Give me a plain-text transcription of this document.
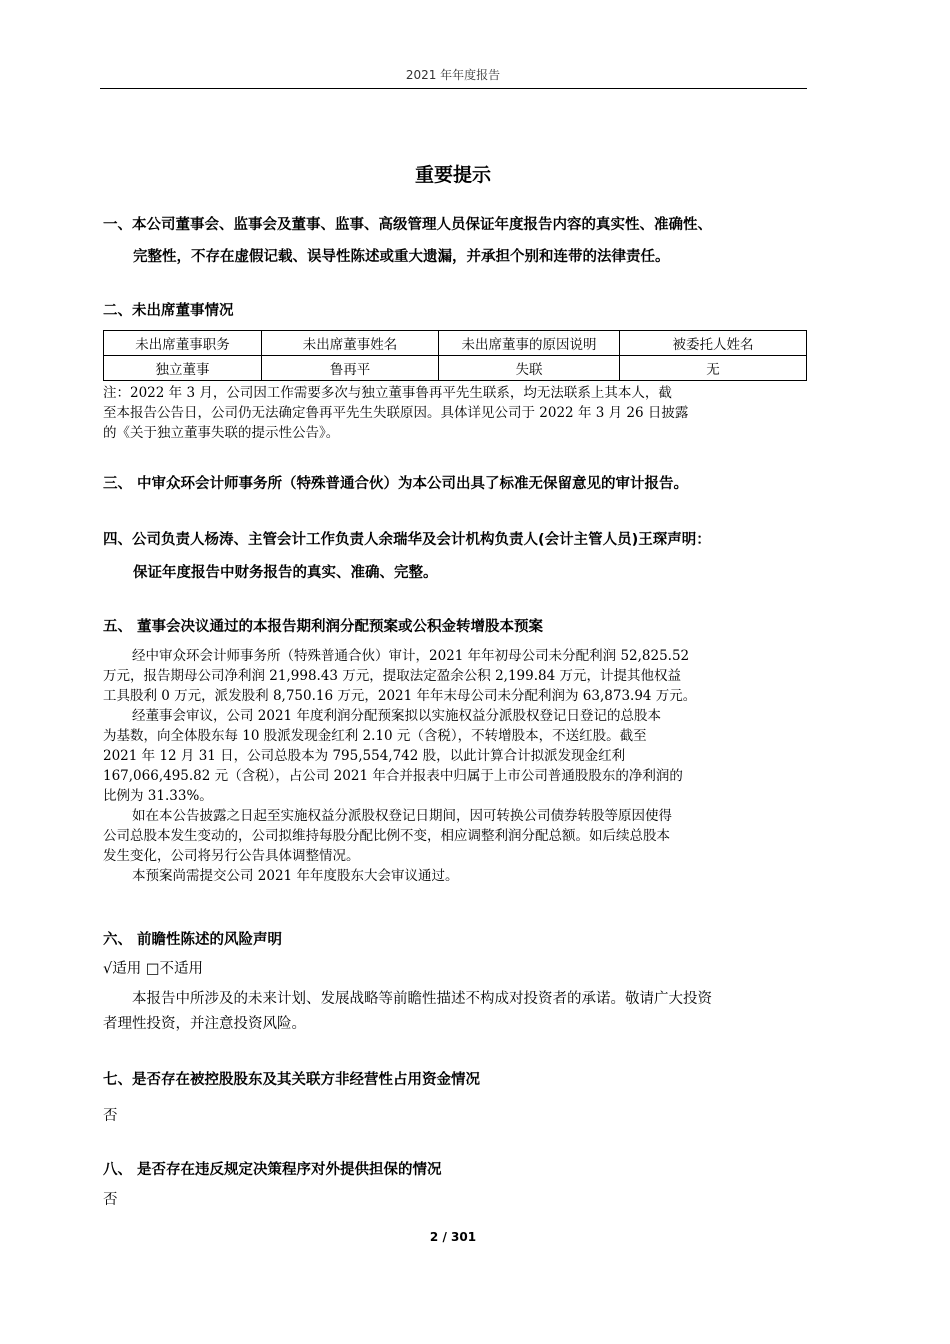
2021 年年度报告
重要提示
一、本公司董事会、监事会及董事、监事、高级管理人员保证年度报告内容的真实性、准确性、
完整性，不存在虚假记载、误导性陈述或重大遗漏，并承担个别和连带的法律责任。
二、未出席董事情况
未出席董事职务	未出席董事姓名	未出席董事的原因说明	被委托人姓名
独立董事	鲁再平	失联	无
注：2022 年 3 月，公司因工作需要多次与独立董事鲁再平先生联系，均无法联系上其本人，截
至本报告公告日，公司仍无法确定鲁再平先生失联原因。具体详见公司于 2022 年 3 月 26 日披露
的《关于独立董事失联的提示性公告》。
三、 中审众环会计师事务所（特殊普通合伙）为本公司出具了标准无保留意见的审计报告。
四、公司负责人杨涛、主管会计工作负责人余瑞华及会计机构负责人(会计主管人员)王琛声明：
保证年度报告中财务报告的真实、准确、完整。
五、 董事会决议通过的本报告期利润分配预案或公积金转增股本预案
经中审众环会计师事务所（特殊普通合伙）审计，2021 年年初母公司未分配利润 52,825.52
万元，报告期母公司净利润 21,998.43 万元，提取法定盈余公积 2,199.84 万元，计提其他权益
工具股利 0 万元，派发股利 8,750.16 万元，2021 年年末母公司未分配利润为 63,873.94 万元。
经董事会审议，公司 2021 年度利润分配预案拟以实施权益分派股权登记日登记的总股本
为基数，向全体股东每 10 股派发现金红利 2.10 元（含税），不转增股本，不送红股。截至
2021 年 12 月 31 日，公司总股本为 795,554,742 股，以此计算合计拟派发现金红利
167,066,495.82 元（含税），占公司 2021 年合并报表中归属于上市公司普通股股东的净利润的
比例为 31.33%。
如在本公告披露之日起至实施权益分派股权登记日期间，因可转换公司债券转股等原因使得
公司总股本发生变动的，公司拟维持每股分配比例不变，相应调整利润分配总额。如后续总股本
发生变化，公司将另行公告具体调整情况。
本预案尚需提交公司 2021 年年度股东大会审议通过。
六、 前瞻性陈述的风险声明
√适用 □不适用
本报告中所涉及的未来计划、发展战略等前瞻性描述不构成对投资者的承诺。敬请广大投资
者理性投资，并注意投资风险。
七、是否存在被控股股东及其关联方非经营性占用资金情况
否
八、 是否存在违反规定决策程序对外提供担保的情况
否
2 / 301
